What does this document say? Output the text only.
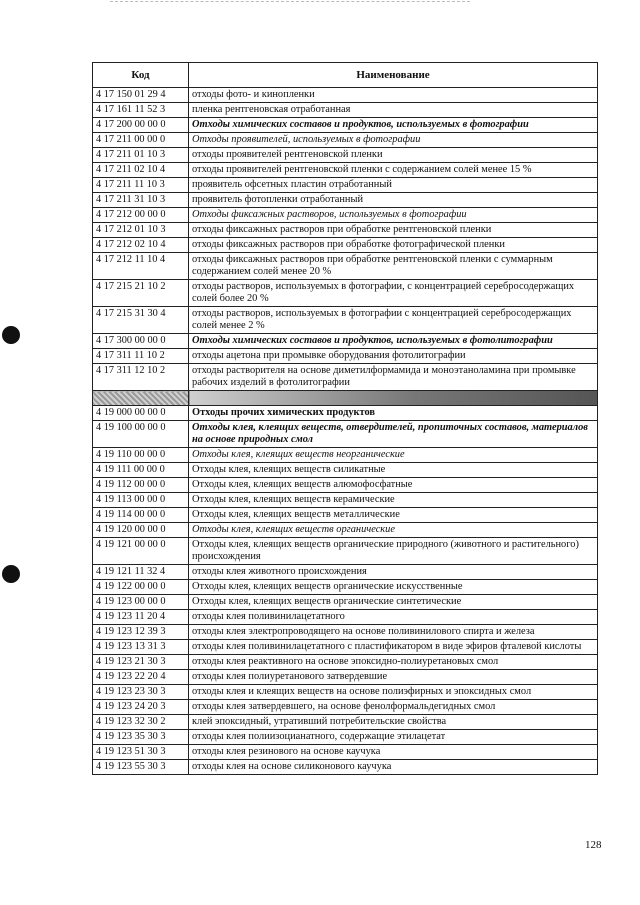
Код	Наименование
4 17 150 01 29 4	отходы фото- и кинопленки
4 17 161 11 52 3	пленка рентгеновская отработанная
4 17 200 00 00 0	Отходы химических составов и продуктов, используемых в фотографии
4 17 211 00 00 0	Отходы проявителей, используемых в фотографии
4 17 211 01 10 3	отходы проявителей рентгеновской пленки
4 17 211 02 10 4	отходы проявителей рентгеновской пленки с содержанием солей менее 15 %
4 17 211 11 10 3	проявитель офсетных пластин отработанный
4 17 211 31 10 3	проявитель фотопленки отработанный
4 17 212 00 00 0	Отходы фиксажных растворов, используемых в фотографии
4 17 212 01 10 3	отходы фиксажных растворов при обработке рентгеновской пленки
4 17 212 02 10 4	отходы фиксажных растворов при обработке фотографической пленки
4 17 212 11 10 4	отходы фиксажных растворов при обработке рентгеновской пленки с суммарным содержанием солей менее 20 %
4 17 215 21 10 2	отходы растворов, используемых в фотографии, с концентрацией серебросодержащих солей более 20 %
4 17 215 31 30 4	отходы растворов, используемых в фотографии с концентрацией серебросодержащих солей менее 2 %
4 17 300 00 00 0	Отходы химических составов и продуктов, используемых в фотолитографии
4 17 311 11 10 2	отходы ацетона при промывке оборудования фотолитографии
4 17 311 12 10 2	отходы растворителя на основе диметилформамида и моноэтаноламина при промывке рабочих изделий в фотолитографии

4 19 000 00 00 0	Отходы прочих химических продуктов
4 19 100 00 00 0	Отходы клея, клеящих веществ, отвердителей, пропиточных составов, материалов на основе природных смол
4 19 110 00 00 0	Отходы клея, клеящих веществ неорганические
4 19 111 00 00 0	Отходы клея, клеящих веществ силикатные
4 19 112 00 00 0	Отходы клея, клеящих веществ алюмофосфатные
4 19 113 00 00 0	Отходы клея, клеящих веществ керамические
4 19 114 00 00 0	Отходы клея, клеящих веществ металлические
4 19 120 00 00 0	Отходы клея, клеящих веществ органические
4 19 121 00 00 0	Отходы клея, клеящих веществ органические природного (животного и растительного) происхождения
4 19 121 11 32 4	отходы клея животного происхождения
4 19 122 00 00 0	Отходы клея, клеящих веществ органические искусственные
4 19 123 00 00 0	Отходы клея, клеящих веществ органические синтетические
4 19 123 11 20 4	отходы клея поливинилацетатного
4 19 123 12 39 3	отходы клея электропроводящего на основе поливинилового спирта и железа
4 19 123 13 31 3	отходы клея поливинилацетатного с пластификатором в виде эфиров фталевой кислоты
4 19 123 21 30 3	отходы клея реактивного на основе эпоксидно-полиуретановых смол
4 19 123 22 20 4	отходы клея полиуретанового затвердевшие
4 19 123 23 30 3	отходы клея и клеящих веществ на основе полиэфирных и эпоксидных смол
4 19 123 24 20 3	отходы клея затвердевшего, на основе фенолформальдегидных смол
4 19 123 32 30 2	клей эпоксидный, утративший потребительские свойства
4 19 123 35 30 3	отходы клея полиизоцианатного, содержащие этилацетат
4 19 123 51 30 3	отходы клея резинового на основе каучука
4 19 123 55 30 3	отходы клея на основе силиконового каучука
128
